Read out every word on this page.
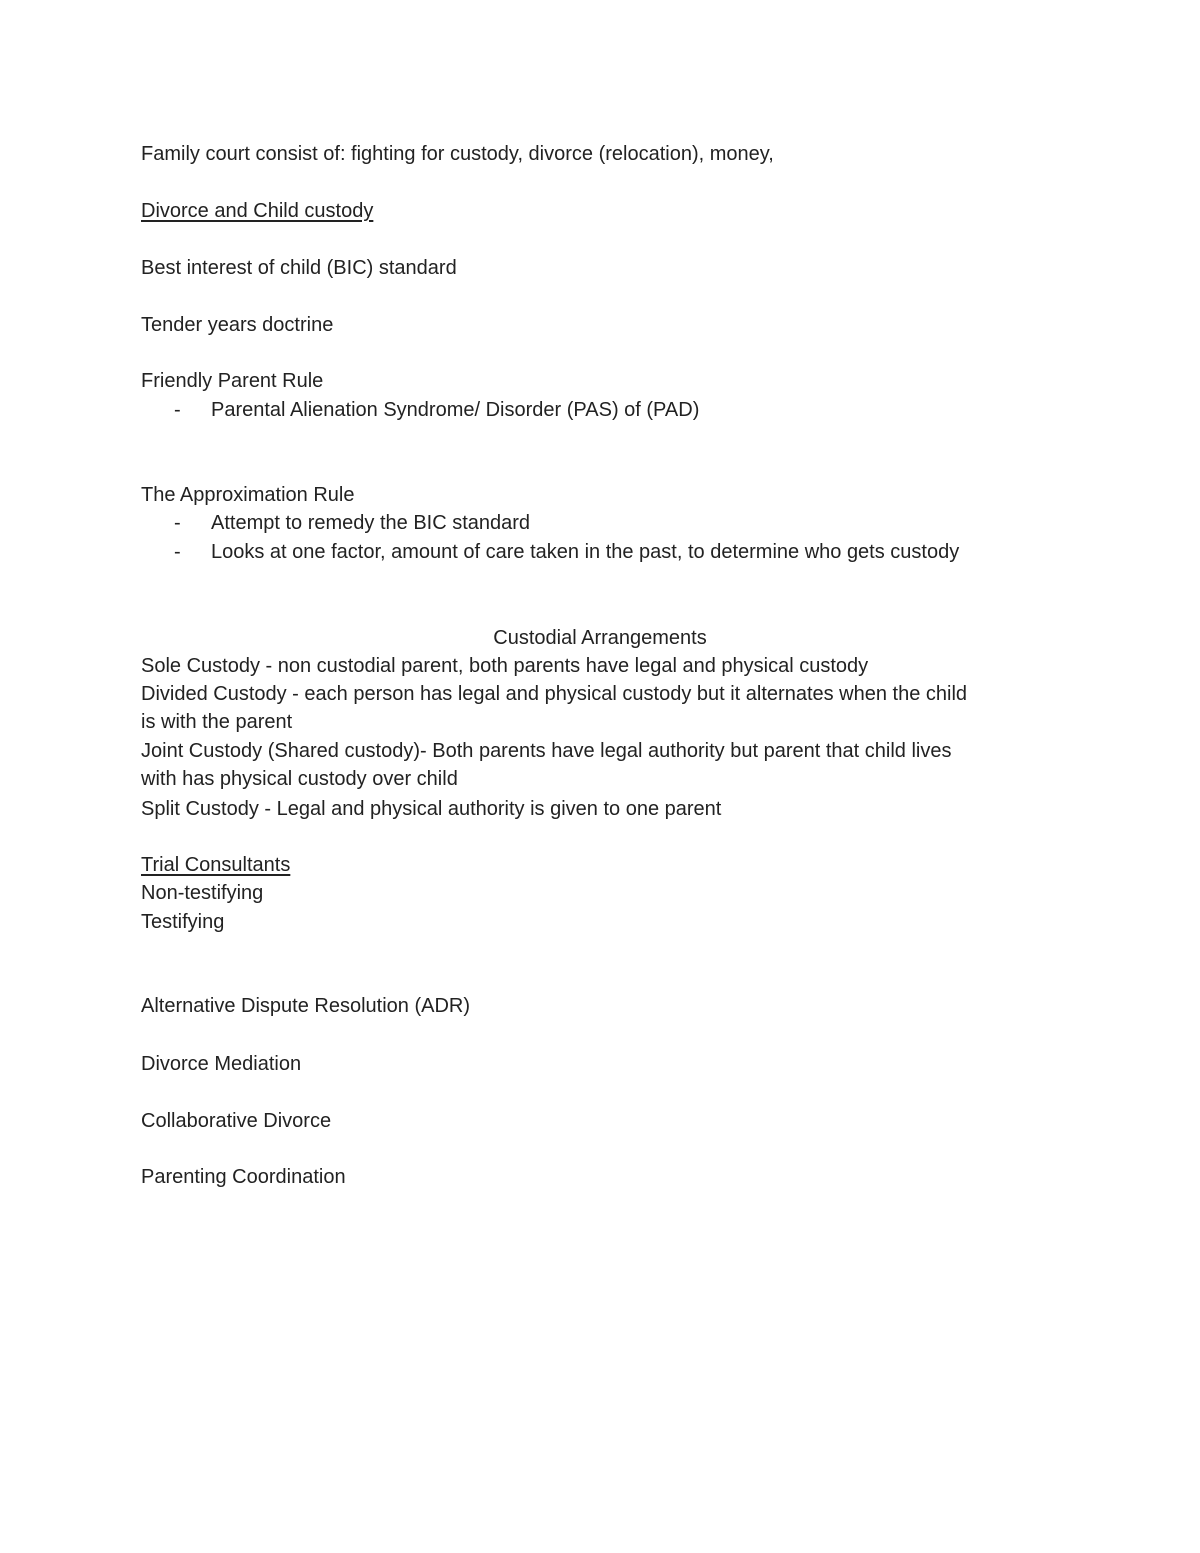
Family court consist of: fighting for custody, divorce (relocation), money,
Divorce and Child custody
Best interest of child (BIC) standard
Tender years doctrine
Friendly Parent Rule
- Parental Alienation Syndrome/ Disorder (PAS) of (PAD)
The Approximation Rule
- Attempt to remedy the BIC standard
- Looks at one factor, amount of care taken in the past, to determine who gets custody
Custodial Arrangements
Sole Custody - non custodial parent, both parents have legal and physical custody
Divided Custody - each person has legal and physical custody but it alternates when the child
is with the parent
Joint Custody (Shared custody)- Both parents have legal authority but parent that child lives
with has physical custody over child
Split Custody - Legal and physical authority is given to one parent
Trial Consultants
Non-testifying
Testifying
Alternative Dispute Resolution (ADR)
Divorce Mediation
Collaborative Divorce
Parenting Coordination
